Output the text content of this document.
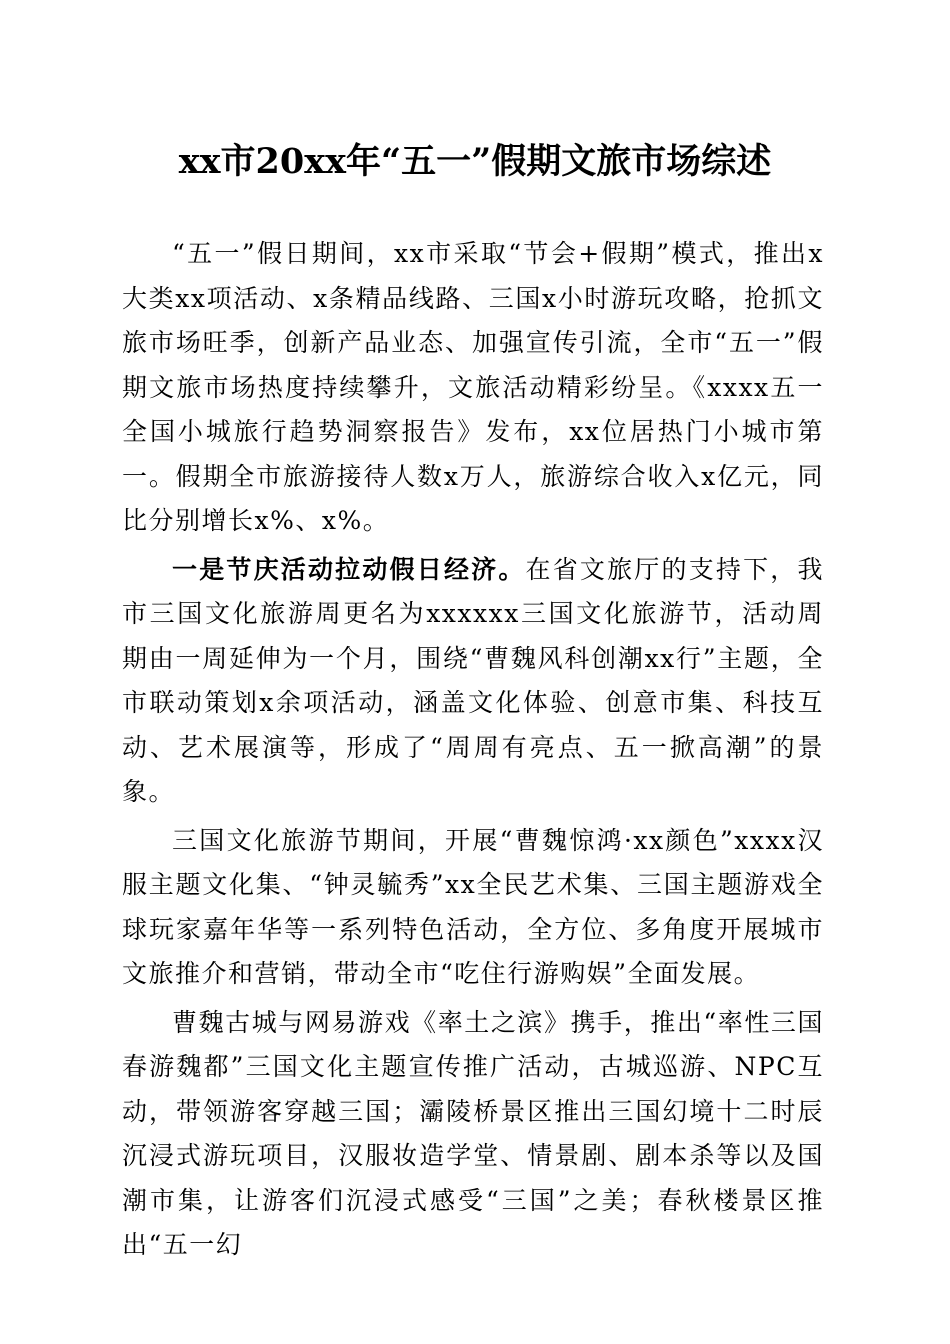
xx市20xx年“五一”假期文旅市场综述

“五一”假日期间，xx市采取“节会+假期”模式，推出x大类xx项活动、x条精品线路、三国x小时游玩攻略，抢抓文旅市场旺季，创新产品业态、加强宣传引流，全市“五一”假期文旅市场热度持续攀升，文旅活动精彩纷呈。《xxxx五一全国小城旅行趋势洞察报告》发布，xx位居热门小城市第一。假期全市旅游接待人数x万人，旅游综合收入x亿元，同比分别增长x%、x%。

一是节庆活动拉动假日经济。在省文旅厅的支持下，我市三国文化旅游周更名为xxxxxx三国文化旅游节，活动周期由一周延伸为一个月，围绕“曹魏风科创潮xx行”主题，全市联动策划x余项活动，涵盖文化体验、创意市集、科技互动、艺术展演等，形成了“周周有亮点、五一掀高潮”的景象。

三国文化旅游节期间，开展“曹魏惊鸿·xx颜色”xxxx汉服主题文化集、“钟灵毓秀”xx全民艺术集、三国主题游戏全球玩家嘉年华等一系列特色活动，全方位、多角度开展城市文旅推介和营销，带动全市“吃住行游购娱”全面发展。

曹魏古城与网易游戏《率土之滨》携手，推出“率性三国春游魏都”三国文化主题宣传推广活动，古城巡游、NPC互动，带领游客穿越三国；灞陵桥景区推出三国幻境十二时辰沉浸式游玩项目，汉服妆造学堂、情景剧、剧本杀等以及国潮市集，让游客们沉浸式感受“三国”之美；春秋楼景区推出“五一幻
